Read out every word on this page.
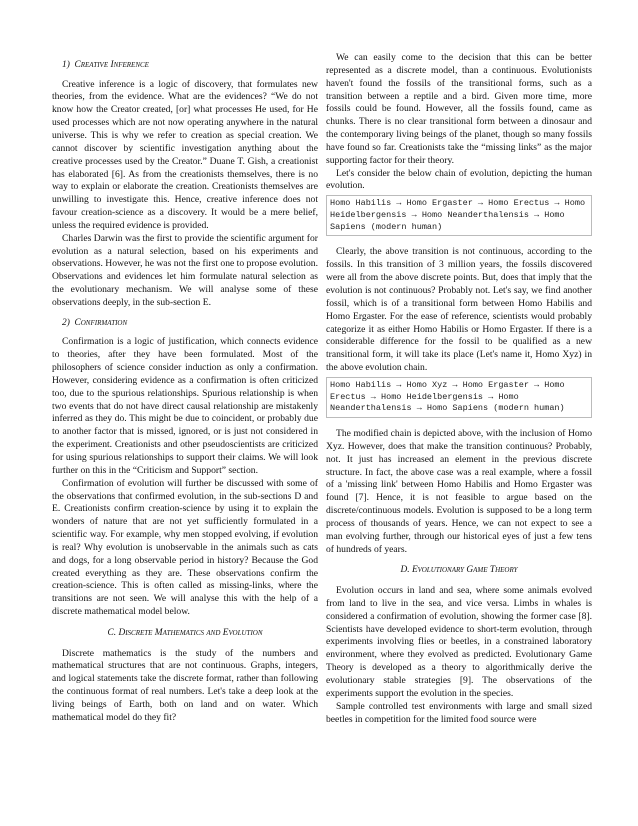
1) Creative Inference

Creative inference is a logic of discovery, that formulates new theories, from the evidence. What are the evidences? “We do not know how the Creator created, [or] what processes He used, for He used processes which are not now operating anywhere in the natural universe. This is why we refer to creation as special creation. We cannot discover by scientific investigation anything about the creative processes used by the Creator.” Duane T. Gish, a creationist has elaborated [6]. As from the creationists themselves, there is no way to explain or elaborate the creation. Creationists themselves are unwilling to investigate this. Hence, creative inference does not favour creation-science as a discovery. It would be a mere belief, unless the required evidence is provided.

Charles Darwin was the first to provide the scientific argument for evolution as a natural selection, based on his experiments and observations. However, he was not the first one to propose evolution. Observations and evidences let him formulate natural selection as the evolutionary mechanism. We will analyse some of these observations deeply, in the sub-section E.

2) Confirmation

Confirmation is a logic of justification, which connects evidence to theories, after they have been formulated. Most of the philosophers of science consider induction as only a confirmation. However, considering evidence as a confirmation is often criticized too, due to the spurious relationships. Spurious relationship is when two events that do not have direct causal relationship are mistakenly inferred as they do. This might be due to coincident, or probably due to another factor that is missed, ignored, or is just not considered in the experiment. Creationists and other pseudoscientists are criticized for using spurious relationships to support their claims. We will look further on this in the “Criticism and Support” section.

Confirmation of evolution will further be discussed with some of the observations that confirmed evolution, in the sub-sections D and E. Creationists confirm creation-science by using it to explain the wonders of nature that are not yet sufficiently formulated in a scientific way. For example, why men stopped evolving, if evolution is real? Why evolution is unobservable in the animals such as cats and dogs, for a long observable period in history? Because the God created everything as they are. These observations confirm the creation-science. This is often called as missing-links, where the transitions are not seen. We will analyse this with the help of a discrete mathematical model below.

C. Discrete Mathematics and Evolution

Discrete mathematics is the study of the numbers and mathematical structures that are not continuous. Graphs, integers, and logical statements take the discrete format, rather than following the continuous format of real numbers. Let's take a deep look at the living beings of Earth, both on land and on water. Which mathematical model do they fit?

We can easily come to the decision that this can be better represented as a discrete model, than a continuous. Evolutionists haven't found the fossils of the transitional forms, such as a transition between a reptile and a bird. Given more time, more fossils could be found. However, all the fossils found, came as chunks. There is no clear transitional form between a dinosaur and the contemporary living beings of the planet, though so many fossils have found so far. Creationists take the “missing links” as the major supporting factor for their theory.

Let's consider the below chain of evolution, depicting the human evolution.

Homo Habilis → Homo Ergaster → Homo Erectus → Homo Heidelbergensis → Homo Neanderthalensis → Homo Sapiens (modern human)

Clearly, the above transition is not continuous, according to the fossils. In this transition of 3 million years, the fossils discovered were all from the above discrete points. But, does that imply that the evolution is not continuous? Probably not. Let's say, we find another fossil, which is of a transitional form between Homo Habilis and Homo Ergaster. For the ease of reference, scientists would probably categorize it as either Homo Habilis or Homo Ergaster. If there is a considerable difference for the fossil to be qualified as a new transitional form, it will take its place (Let's name it, Homo Xyz) in the above evolution chain.

Homo Habilis → Homo Xyz → Homo Ergaster → Homo Erectus → Homo Heidelbergensis → Homo Neanderthalensis → Homo Sapiens (modern human)

The modified chain is depicted above, with the inclusion of Homo Xyz. However, does that make the transition continuous? Probably, not. It just has increased an element in the previous discrete structure. In fact, the above case was a real example, where a fossil of a 'missing link' between Homo Habilis and Homo Ergaster was found [7]. Hence, it is not feasible to argue based on the discrete/continuous models. Evolution is supposed to be a long term process of thousands of years. Hence, we can not expect to see a man evolving further, through our historical eyes of just a few tens of hundreds of years.

D. Evolutionary Game Theory

Evolution occurs in land and sea, where some animals evolved from land to live in the sea, and vice versa. Limbs in whales is considered a confirmation of evolution, showing the former case [8]. Scientists have developed evidence to short-term evolution, through experiments involving flies or beetles, in a constrained laboratory environment, where they evolved as predicted. Evolutionary Game Theory is developed as a theory to algorithmically derive the evolutionary stable strategies [9]. The observations of the experiments support the evolution in the species.

Sample controlled test environments with large and small sized beetles in competition for the limited food source were
